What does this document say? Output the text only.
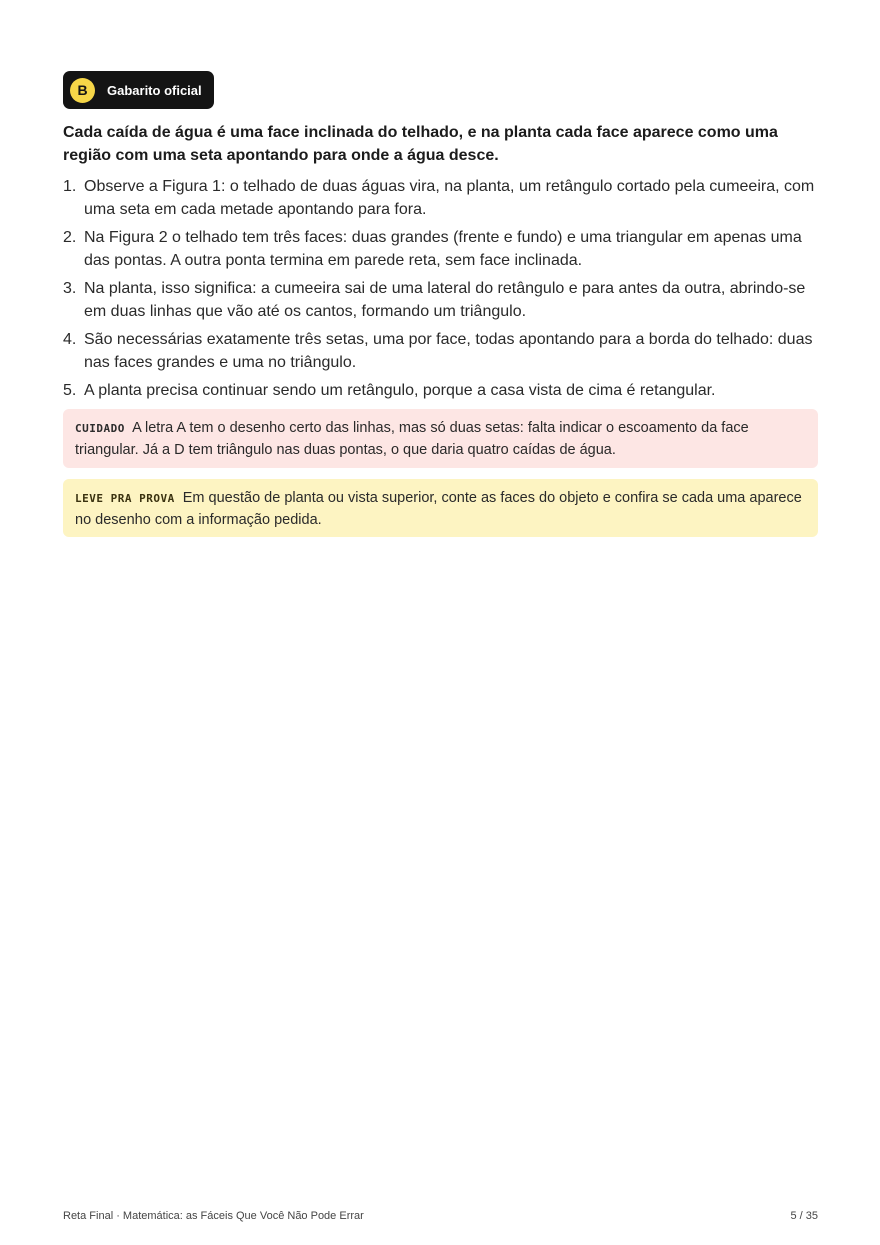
B	Gabarito oficial

Cada caída de água é uma face inclinada do telhado, e na planta cada face aparece como uma região com uma seta apontando para onde a água desce.

1. Observe a Figura 1: o telhado de duas águas vira, na planta, um retângulo cortado pela cumeeira, com uma seta em cada metade apontando para fora.
2. Na Figura 2 o telhado tem três faces: duas grandes (frente e fundo) e uma triangular em apenas uma das pontas. A outra ponta termina em parede reta, sem face inclinada.
3. Na planta, isso significa: a cumeeira sai de uma lateral do retângulo e para antes da outra, abrindo-se em duas linhas que vão até os cantos, formando um triângulo.
4. São necessárias exatamente três setas, uma por face, todas apontando para a borda do telhado: duas nas faces grandes e uma no triângulo.
5. A planta precisa continuar sendo um retângulo, porque a casa vista de cima é retangular.
CUIDADO A letra A tem o desenho certo das linhas, mas só duas setas: falta indicar o escoamento da face triangular. Já a D tem triângulo nas duas pontas, o que daria quatro caídas de água.
LEVE PRA PROVA Em questão de planta ou vista superior, conte as faces do objeto e confira se cada uma aparece no desenho com a informação pedida.
Reta Final · Matemática: as Fáceis Que Você Não Pode Errar	5 / 35
